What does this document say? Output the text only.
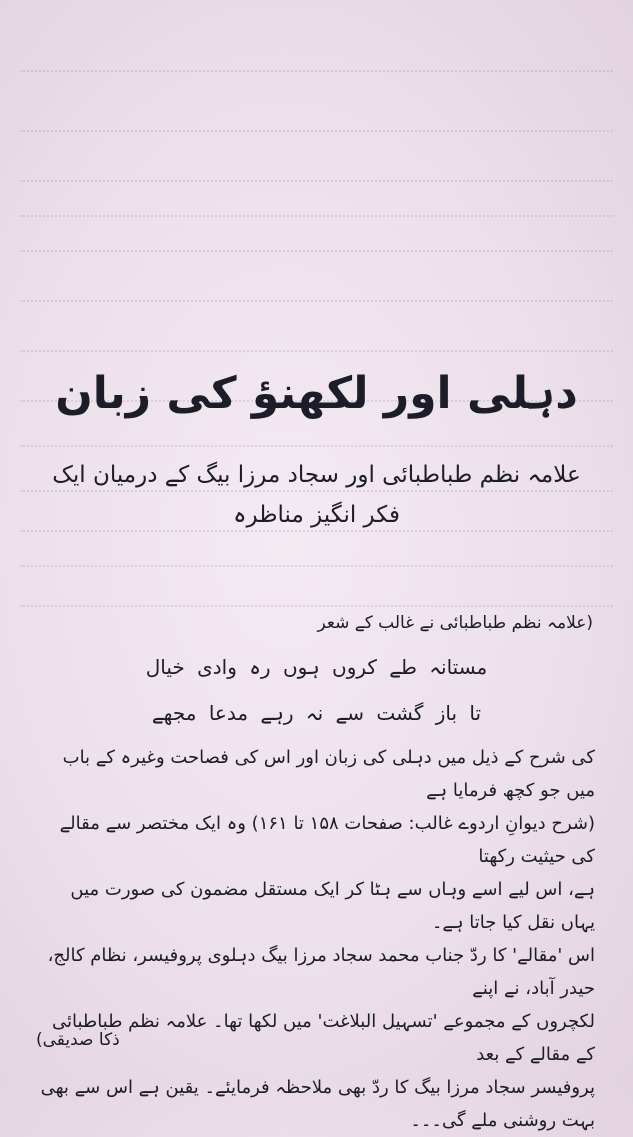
دہلی اور لکھنؤ کی زبان
علامہ نظم طباطبائی اور سجاد مرزا بیگ کے درمیان ایک فکر انگیز مناظرہ
(علامہ نظم طباطبائی نے غالب کے شعر
مستانہ طے کروں ہوں رہ وادی خیال
تا باز گشت سے نہ رہے مدعا مجھے

کی شرح کے ذیل میں دہلی کی زبان اور اس کی فصاحت وغیرہ کے باب میں جو کچھ فرمایا ہے

(شرح دیوانِ اردوے غالب: صفحات ۱۵۸ تا ۱۶۱) وہ ایک مختصر سے مقالے کی حیثیت رکھتا

ہے، اس لیے اسے وہاں سے ہٹا کر ایک مستقل مضمون کی صورت میں یہاں نقل کیا جاتا ہے۔

اس 'مقالے' کا ردّ جناب محمد سجاد مرزا بیگ دہلوی پروفیسر، نظام کالج، حیدر آباد، نے اپنے

لکچروں کے مجموعے 'تسہیل البلاغت' میں لکھا تھا۔ علامہ نظم طباطبائی کے مقالے کے بعد

پروفیسر سجاد مرزا بیگ کا ردّ بھی ملاحظہ فرمایئے۔ یقین ہے اس سے بھی بہت روشنی ملے گی۔۔۔

ذکا صدیقی)
